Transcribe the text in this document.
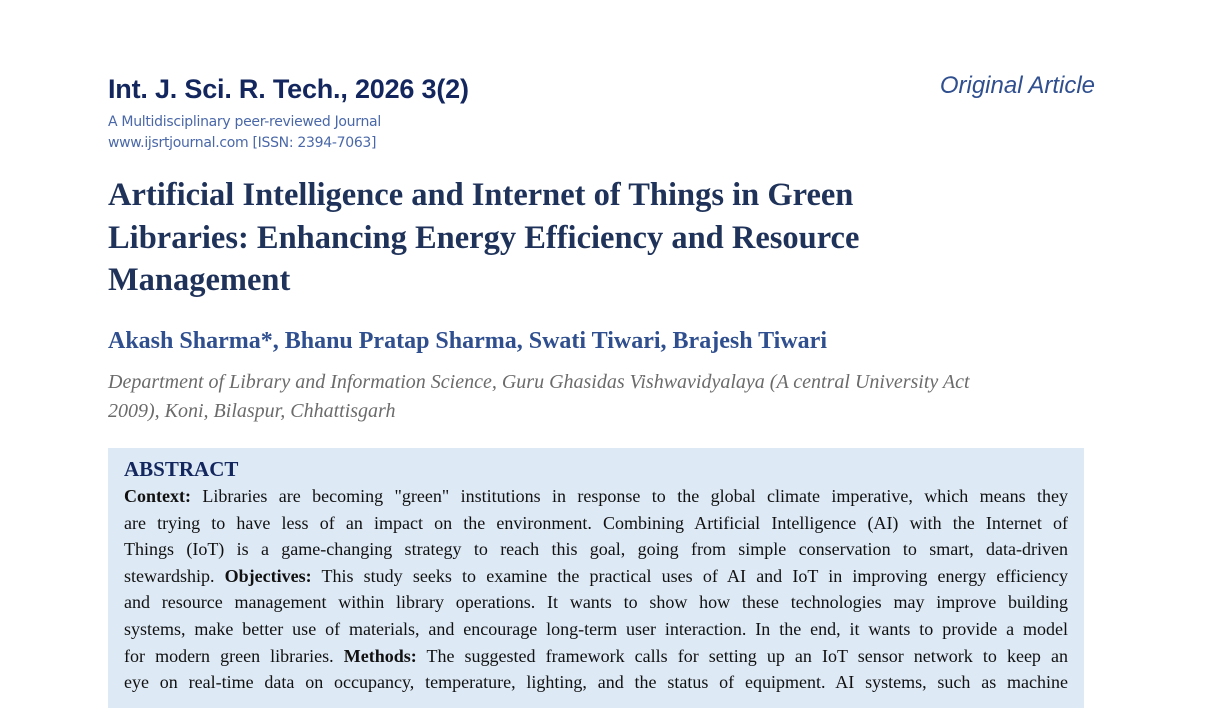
Int. J. Sci. R. Tech., 2026 3(2)
A Multidisciplinary peer-reviewed Journal
www.ijsrtjournal.com [ISSN: 2394-7063]
Original Article
Artificial Intelligence and Internet of Things in Green
Libraries: Enhancing Energy Efficiency and Resource
Management
Akash Sharma*, Bhanu Pratap Sharma, Swati Tiwari, Brajesh Tiwari
Department of Library and Information Science, Guru Ghasidas Vishwavidyalaya (A central University Act
2009), Koni, Bilaspur, Chhattisgarh
ABSTRACT
Context: Libraries are becoming "green" institutions in response to the global climate imperative, which means they
are trying to have less of an impact on the environment. Combining Artificial Intelligence (AI) with the Internet of
Things (IoT) is a game-changing strategy to reach this goal, going from simple conservation to smart, data-driven
stewardship. Objectives: This study seeks to examine the practical uses of AI and IoT in improving energy efficiency
and resource management within library operations. It wants to show how these technologies may improve building
systems, make better use of materials, and encourage long-term user interaction. In the end, it wants to provide a model
for modern green libraries. Methods: The suggested framework calls for setting up an IoT sensor network to keep an
eye on real-time data on occupancy, temperature, lighting, and the status of equipment. AI systems, such as machine
